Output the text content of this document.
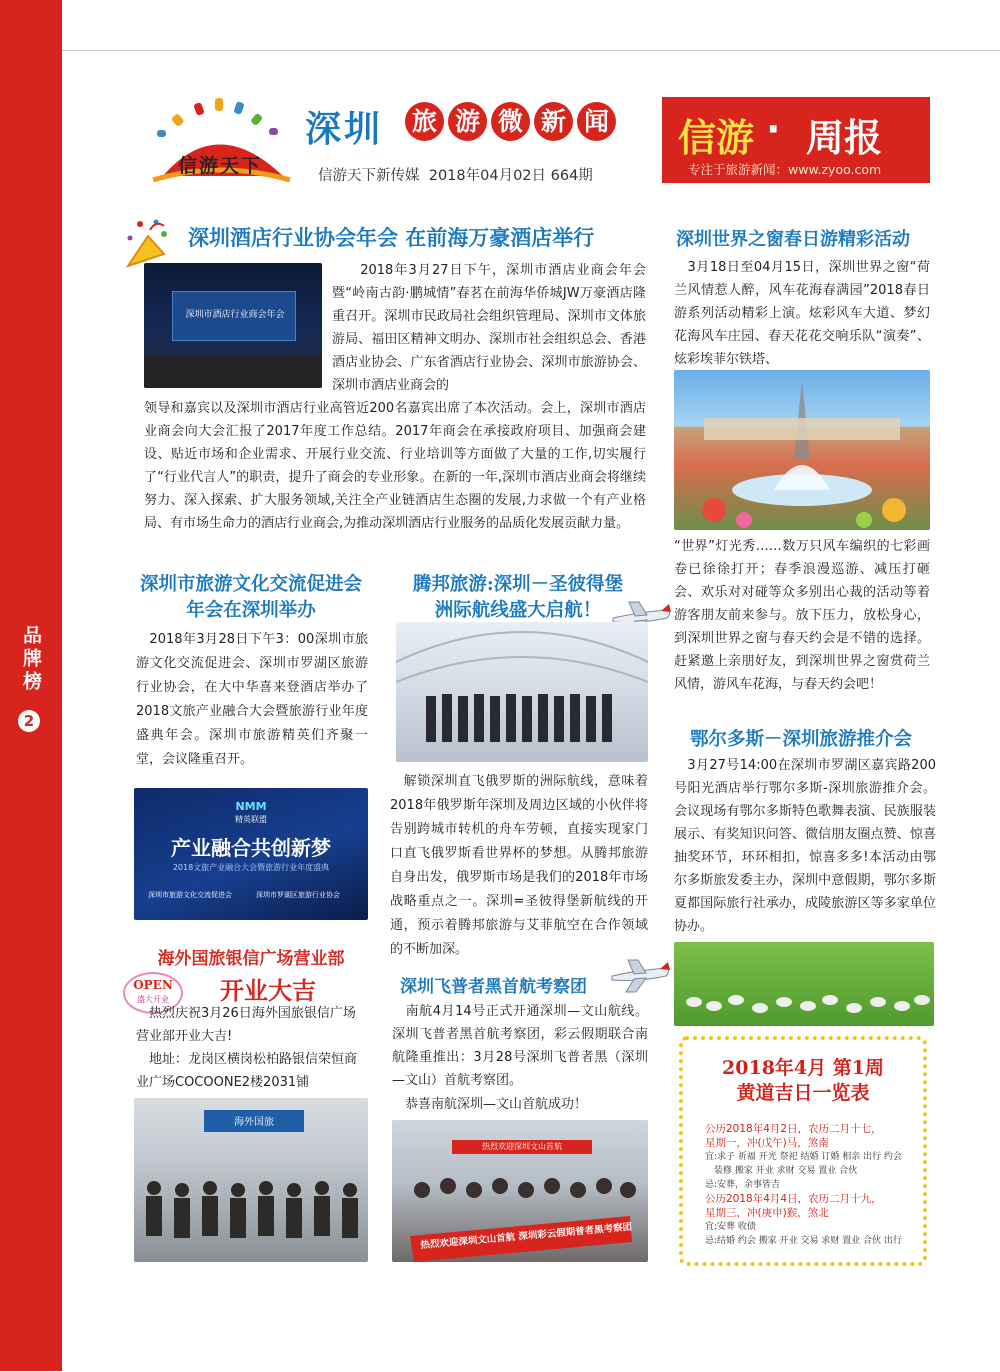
品牌榜
2
信游天下
深圳 旅 游 微 新 闻
信游天下新传媒  2018年04月02日 664期
信游 · 周报
专注于旅游新闻：www.zyoo.com
深圳酒店行业协会年会 在前海万豪酒店举行
深圳市酒店行业商会年会
　　2018年3月27日下午，深圳市酒店业商会年会暨“岭南古韵·鹏城情”春茗在前海华侨城JW万豪酒店隆重召开。深圳市民政局社会组织管理局、深圳市文体旅游局、福田区精神文明办、深圳市社会组织总会、香港酒店业协会、广东省酒店行业协会、深圳市旅游协会、深圳市酒店业商会的
领导和嘉宾以及深圳市酒店行业高管近200名嘉宾出席了本次活动。会上，深圳市酒店业商会向大会汇报了2017年度工作总结。2017年商会在承接政府项目、加强商会建设、贴近市场和企业需求、开展行业交流、行业培训等方面做了大量的工作,切实履行了“行业代言人”的职责，提升了商会的专业形象。在新的一年,深圳市酒店业商会将继续努力、深入探索、扩大服务领域,关注全产业链酒店生态圈的发展,力求做一个有产业格局、有市场生命力的酒店行业商会,为推动深圳酒店行业服务的品质化发展贡献力量。
深圳世界之窗春日游精彩活动
　3月18日至04月15日，深圳世界之窗“荷兰风情惹人醉，风车花海春满园”2018春日游系列活动精彩上演。炫彩风车大道、梦幻花海风车庄园、春天花花交响乐队“演奏”、炫彩埃菲尔铁塔、
“世界”灯光秀……数万只风车编织的七彩画卷已徐徐打开；春季浪漫巡游、减压打砸会、欢乐对对碰等众多别出心裁的活动等着游客朋友前来参与。放下压力，放松身心，到深圳世界之窗与春天约会是不错的选择。赶紧邀上亲朋好友，到深圳世界之窗赏荷兰风情，游风车花海，与春天约会吧！
深圳市旅游文化交流促进会
年会在深圳举办
　2018年3月28日下午3：00深圳市旅游文化交流促进会、深圳市罗湖区旅游行业协会，在大中华喜来登酒店举办了2018文旅产业融合大会暨旅游行业年度盛典年会。深圳市旅游精英们齐聚一堂，会议隆重召开。
NMM
精英联盟
产业融合共创新梦
2018文旅产业融合大会暨旅游行业年度盛典
深圳市旅游文化交流促进会	深圳市罗湖区旅游行业协会
腾邦旅游:深圳－圣彼得堡
洲际航线盛大启航！
　解锁深圳直飞俄罗斯的洲际航线，意味着2018年俄罗斯年深圳及周边区域的小伙伴将告别跨城市转机的舟车劳顿，直接实现家门口直飞俄罗斯看世界杯的梦想。从腾邦旅游自身出发，俄罗斯市场是我们的2018年市场战略重点之一。深圳=圣彼得堡新航线的开通，预示着腾邦旅游与艾菲航空在合作领域的不断加深。
鄂尔多斯－深圳旅游推介会
　3月27号14:00在深圳市罗湖区嘉宾路200号阳光酒店举行鄂尔多斯-深圳旅游推介会。会议现场有鄂尔多斯特色歌舞表演、民族服装展示、有奖知识问答、微信朋友圈点赞、惊喜抽奖环节，环环相扣，惊喜多多!本活动由鄂尔多斯旅发委主办，深圳中意假期，鄂尔多斯夏都国际旅行社承办，成陵旅游区等多家单位协办。
海外国旅银信广场营业部
开业大吉
OPEN
盛大开业
　热烈庆祝3月26日海外国旅银信广场营业部开业大吉!
　地址：龙岗区横岗松柏路银信荣恒商业广场COCOONE2楼2031铺
海外国旅
深圳飞普者黑首航考察团
　南航4月14号正式开通深圳—文山航线。深圳飞普者黑首航考察团，彩云假期联合南航隆重推出：3月28号深圳飞普者黑（深圳—文山）首航考察团。
　恭喜南航深圳—文山首航成功！
热烈欢迎深圳文山首航
热烈欢迎深圳文山首航 深圳彩云假期普者黑考察团
2018年4月 第1周
黄道吉日一览表
公历2018年4月2日，农历二月十七，
星期一，冲(戊午)马，煞南
宜:求子 祈福 开光 祭祀 结婚 订婚 相亲 出行 约会
　装修 搬家 开业 求财 交易 置业 合伙
忌:安葬，余事皆吉
公历2018年4月4日，农历二月十九，
星期三，冲(庚申)猴，煞北
宜:安葬 收债
忌:结婚 约会 搬家 开业 交易 求财 置业 合伙 出行
